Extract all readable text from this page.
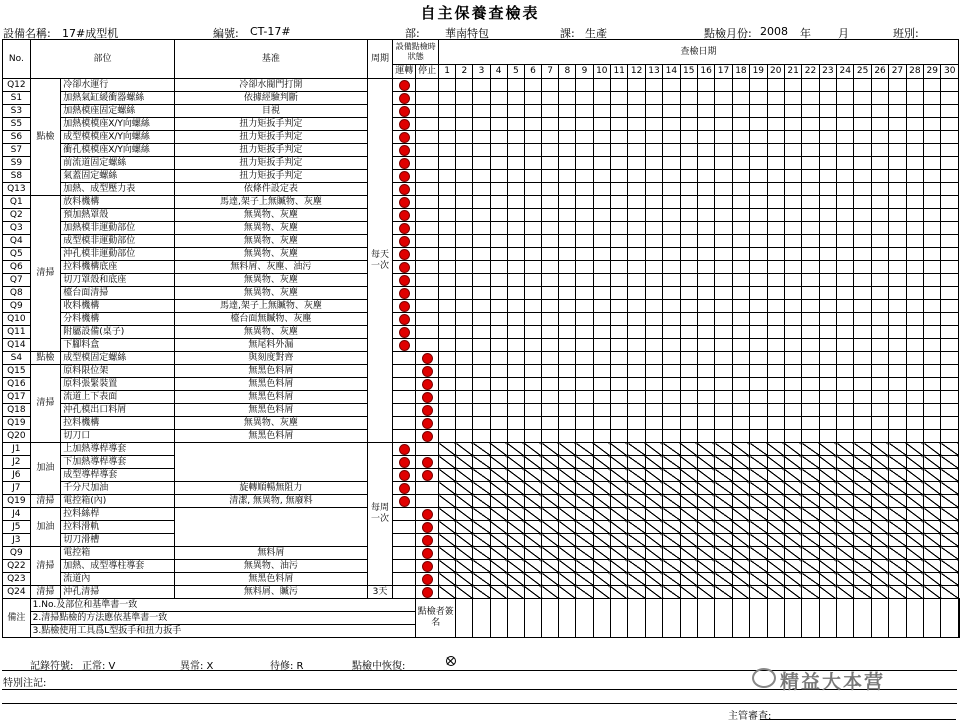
自主保養查檢表
設備名稱: 17#成型机	編號: CT-17#	部: 華南特包	課: 生產	點檢月份: 2008 年 月	班別:
No.	部位		基准	周期	設備點檢時狀態		查檢日期																														
					運轉	停止	1	2	3	4	5	6	7	8	9	10	11	12	13	14	15	16	17	18	19	20	21	22	23	24	25	26	27	28	29	30	
Q12	點檢	冷卻水運行	冷卻水閥門打開	每天一次		

S1		加熱氣缸緩衝器螺絲	依據經驗判斷			

S3		加熱模座固定螺絲	目視			

S5		加熱模模座X/Y向螺絲	扭力矩扳手判定			

S6		成型模模座X/Y向螺絲	扭力矩扳手判定			

S7		衝孔模模座X/Y向螺絲	扭力矩扳手判定			

S9		前流道固定螺絲	扭力矩扳手判定			

S8		氣蓋固定螺絲	扭力矩扳手判定			

Q13		加熱、成型壓力表	依條件設定表			

Q1	清掃	放料機構	馬達,架子上無贓物、灰塵			

Q2		預加熱罩殼	無異物、灰塵			

Q3		加熱模非運動部位	無異物、灰塵			

Q4		成型模非運動部位	無異物、灰塵			

Q5		沖孔模非運動部位	無異物、灰塵			

Q6		拉料機構底座	無料屑、灰塵、油污			

Q7		切刀罩殼和底座	無異物、灰塵			

Q8		檯台面清掃	無異物、灰塵			

Q9		收料機構	馬達,架子上無贓物、灰塵			

Q10		分料機構	檯台面無贓物、灰塵			

Q11		附屬設備(桌子)	無異物、灰塵			

Q14		下腳料盒	無尾料外漏			

S4	點檢	成型模固定螺絲	與刻度對齊				

Q15	清掃	原料限位架	無黑色料屑				

Q16		原料張緊裝置	無黑色料屑				

Q17		流道上下表面	無黑色料屑				

Q18		沖孔模出口料屑	無黑色料屑				

Q19		拉料機構	無異物、灰塵				

Q20		切刀口	無黑色料屑				

J1	加油	上加熱導桿導套		每周一次		

J2		下加熱導桿導套				

J6		成型導桿導套				

J7		千分尺加油	旋轉順暢無阻力			

Q19	清掃	電控箱(內)	清潔, 無異物, 無廢料			

J4	加油	拉料絲桿					

J5		拉料滑軌					

J3		切刀滑槽					

Q9	清掃	電控箱	無料屑				

Q22		加熱、成型導柱導套	無異物、油污				

Q23		流道內	無黑色料屑				

Q24	清掃	沖孔清掃	無料屑、贓污	3天			

備注	1.No.及部位和基準書一致					點檢者簽名																															
	2.清掃點檢的方法應依基準書一致																																				
	3.點檢使用工具爲L型扳手和扭力扳手																																				
記錄符號: 正常: V	異常: X	待修: R	點檢中恢復:
特別注記:
主管審查:
精益大本营
